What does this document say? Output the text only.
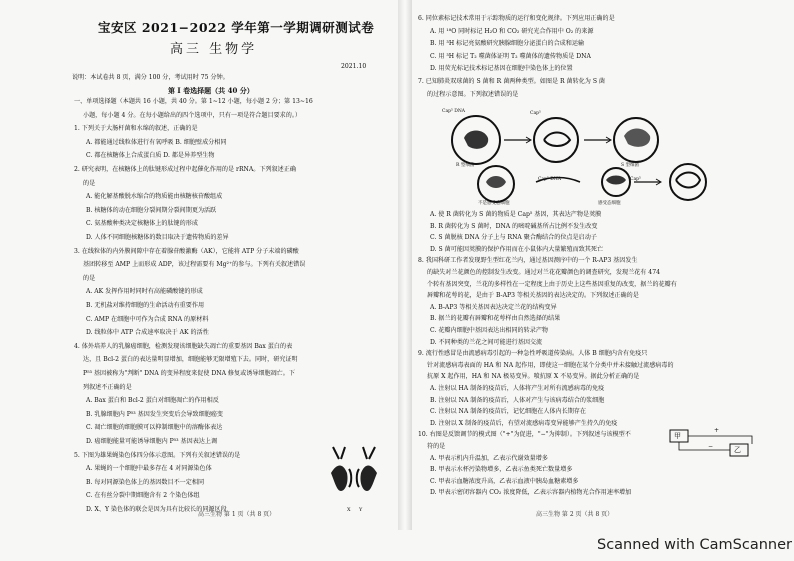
宝安区 2021−2022 学年第一学期调研测试卷
高三 生物学
2021.10
说明：本试卷共 8 页，满分 100 分，考试用时 75 分钟。
第 I 卷选择题（共 40 分）
一、单项选择题（本题共 16 小题，共 40 分。第 1~12 小题，每小题 2 分；第 13~16
小题，每小题 4 分。在每小题给出的四个选项中，只有一项是符合题目要求的。）
1. 下列关于大肠杆菌和水绵的叙述，正确的是
A. 都能通过线粒体进行有氧呼吸 B. 细胞壁成分相同
C. 都在核糖体上合成蛋白质 D. 都是异养型生物
2. 研究表明，在核糖体上的肽键形成过程中起催化作用的是 rRNA。下列叙述正确
的是
A. 能化解基酸脱水缩合的物质能由核糖核苷酸组成
B. 核糖体的动在细胞分裂间期分裂间期更为活跃
C. 氨基酸种类决定核糖体上的肽键的形成
D. 人体不同细胞核糖体的数目取决于遗传物质的差异
3. 在线粒体的内外膜间隙中存在着腺苷酸激酶（AK），它能将 ATP 分子末端的磷酸
基团转移至 AMP 上而形成 ADP，该过程需要有 Mg²⁺的参与。下列有关叙述错误
的是
A. AK 发挥作用时同时有高能磷酸键的形成
B. 无机盐对维持细胞的生命活动有重要作用
C. AMP 在细胞中可作为合成 RNA 的原材料
D. 线粒体中 ATP 合成速率取决于 AK 的活性
4. 体外培养人的乳腺癌细胞，检测发现该细胞缺失凋亡的重要基因 Bax 蛋白的表
达，且 Bcl-2 蛋白的表达量明显增加，细胞能够无限增殖下去。同时，研究证明
P⁵³ 基因被称为"判断" DNA 的变异程度来促使 DNA 修复或诱导细胞凋亡。下
列叙述不正确的是
A. Bax 蛋白和 Bcl-2 蛋白对细胞凋亡的作用相反
B. 乳腺细胞内 P⁵³ 基因发生突变后会导致细胞癌变
C. 凋亡细胞的细胞膜可以抑制细胞中的溶酶体表达
D. 癌细胞能量可能诱导细胞内 P⁵³ 基因表达上调
5. 下图为雄果蝇染色体四分体示意图。下列有关叙述错误的是
A. 果蝇的一个细胞中最多存在 4 对同源染色体
B. 每对同源染色体上的基因数目不一定相同
C. 在有丝分裂中期细胞含有 2 个染色体组
D. X、Y 染色体的联会是因为具有比较长的同源区段	X Y
高三生物 第 1 页（共 8 页）
6. 同位素标记技术常用于示踪物质的运行和变化规律。下列应用正确的是
A. 用 ¹⁸O 同时标记 H₂O 和 CO₂ 研究光合作用中 O₂ 的来源
B. 用 ³H 标记亮氨酸研究胰腺细胞分泌蛋白的合成和运输
C. 用 ³H 标记 T₂ 噬菌体证明 T₂ 噬菌体的遗传物质是 DNA
D. 用荧光标记技术标记基因在细胞中染色体上的位置
7. 已知肺炎双球菌的 S 菌和 R 菌两种类型。如图是 R 菌转化为 S 菌
的过程示意图。下列叙述错误的是
Cap⁵ DNA	Cap⁵
R 型细菌	S 型细菌
不是感受态细胞	感受态细胞
Cap⁵ DNA	Cap⁵
A. 使 R 菌转化为 S 菌的物质是 Cap⁵ 基因，其表达产物是荚膜
B. R 菌转化为 S 菌时，DNA 的嘧啶碱基所占比例不发生改变
C. S 菌脱核 DNA 分子上与 RNA 聚合酶结合的位点是启动子
D. S 菌可能因荚膜的保护作用而在小鼠体内大量繁殖而致其死亡
8. 我国科研工作者发现野生型红花兰内，通过基因测序中的一个 R-AP3 基因发生
的缺失对兰花颜色的控制发生改变。通过对兰花花瓣颜色的调查研究，发现兰花有 474
个转有基因突变，兰花的多样性在一定程度上由于历史上这些基因重复的改变，据兰的花瓣有
唇瓣和花萼的花，是由于 B-AP3 等相关基因的表达决定的。下列叙述正确的是
A. B-AP3 等相关基因表达决定兰花的结构变异
B. 据兰的花瓣有唇瓣和花萼样由自然选择的结果
C. 花瓣内细胞中基因表达出相同的转录产物
D. 不同种类的兰花之间可能进行基因交流
9. 流行性感冒是由流感病毒引起的一种急性呼吸道传染病。人体 B 细胞内含有免疫只
针对流感病毒表面的 HA 和 NA 起作用，即使这一细胞在某个分类中并未接触过流感病毒的
抗原 X 起作用，HA 和 NA 极易变异。喷抗原 X 不易变异。据此分析正确的是
A. 注射以 HA 制备的疫苗后，人体将产生对所有流感病毒的免疫
B. 注射以 NA 制备的疫苗后，人体对产生与该病毒结合的浆细胞
C. 注射以 NA 制备的疫苗后，记忆细胞在人体内长期存在
D. 注射以 X 制备的疫苗后，有望对流感病毒变异能够产生持久的免疫
10. 右图是反馈调节的模式图（"+"为促进，"−"为抑制）。下列叙述与该模型不
符的是
A. 甲表示机内升温加，乙表示代谢效量增多
B. 甲表示水杯污染物增多，乙表示鱼类死亡数量增多
C. 甲表示血糖浓度升高，乙表示血液中胰岛血糖素增多
D. 甲表示密闭容器内 CO₂ 浓度降低，乙表示容器内植物光合作用速率增加
甲
乙
+
−
高三生物 第 2 页（共 8 页）
Scanned with CamScanner
